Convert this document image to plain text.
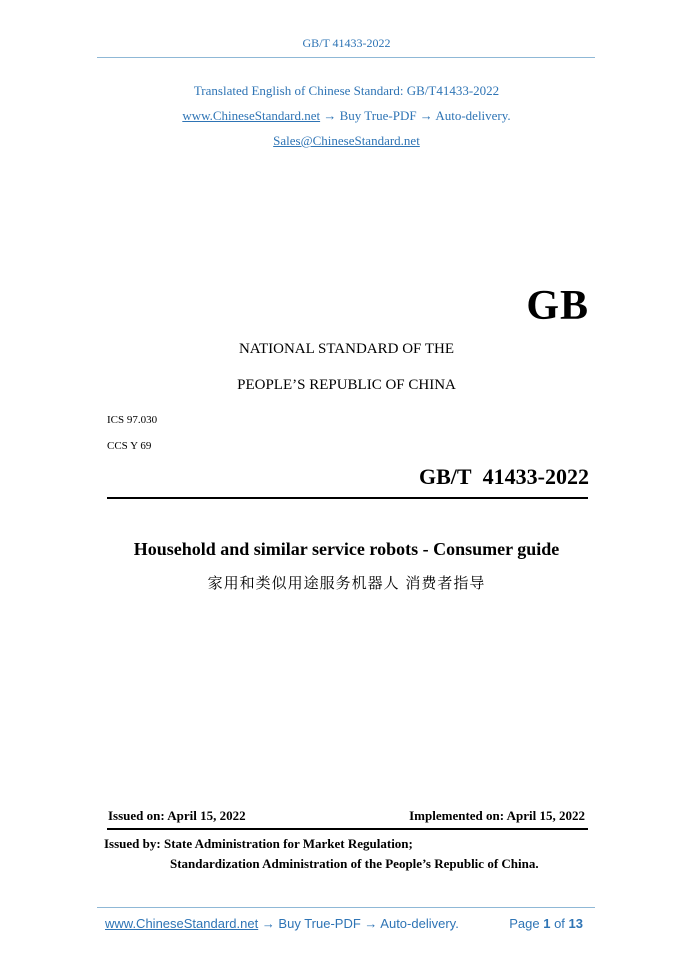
GB/T 41433-2022
Translated English of Chinese Standard: GB/T41433-2022
www.ChineseStandard.net → Buy True-PDF → Auto-delivery.
Sales@ChineseStandard.net
GB
NATIONAL STANDARD OF THE
PEOPLE’S REPUBLIC OF CHINA
ICS 97.030
CCS Y 69
GB/T 41433-2022
Household and similar service robots - Consumer guide
家用和类似用途服务机器人 消费者指导
Issued on: April 15, 2022	Implemented on: April 15, 2022
Issued by: State Administration for Market Regulation;
Standardization Administration of the People’s Republic of China.
www.ChineseStandard.net → Buy True-PDF → Auto-delivery.	Page 1 of 13
